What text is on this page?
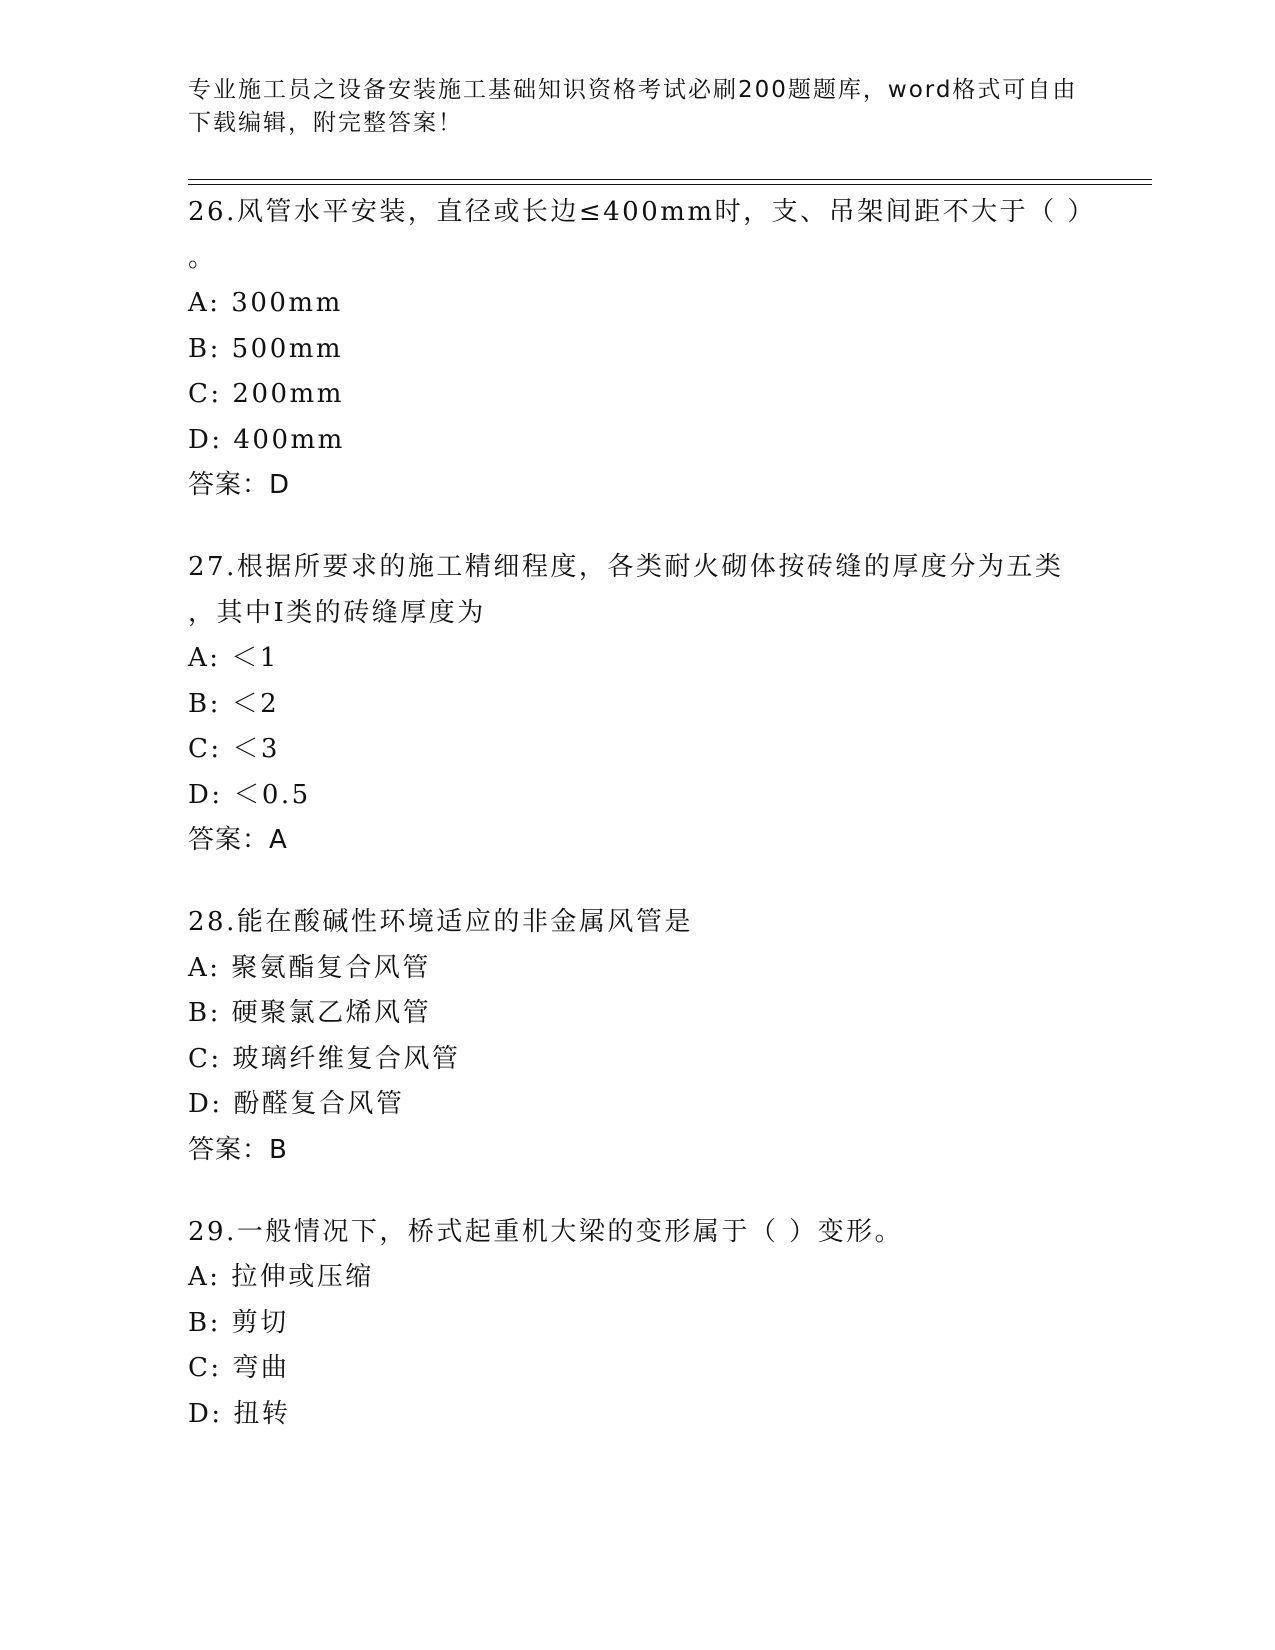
专业施工员之设备安装施工基础知识资格考试必刷200题题库，word格式可自由
下载编辑，附完整答案！
26.风管水平安装，直径或长边≤400mm时，支、吊架间距不大于（ ）
。
A: 300mm
B: 500mm
C: 200mm
D: 400mm
答案：D
27.根据所要求的施工精细程度，各类耐火砌体按砖缝的厚度分为五类
，其中Ⅰ类的砖缝厚度为
A: ＜1
B: ＜2
C: ＜3
D: ＜0.5
答案：A
28.能在酸碱性环境适应的非金属风管是
A: 聚氨酯复合风管
B: 硬聚氯乙烯风管
C: 玻璃纤维复合风管
D: 酚醛复合风管
答案：B
29.一般情况下，桥式起重机大梁的变形属于（ ）变形。
A: 拉伸或压缩
B: 剪切
C: 弯曲
D: 扭转
